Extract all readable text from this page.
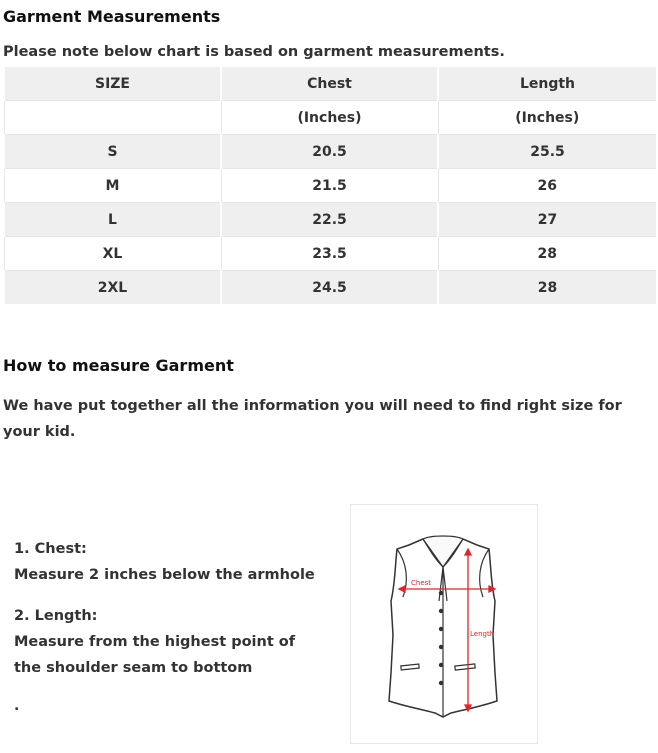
Garment Measurements

Please note below chart is based on garment measurements.

SIZE	Chest	Length
	(Inches)	(Inches)
S	20.5	25.5
M	21.5	26
L	22.5	27
XL	23.5	28
2XL	24.5	28
How to measure Garment

We have put together all the information you will need to find right size for your kid.

1. Chest:

Measure 2 inches below the armhole

2. Length:

Measure from the highest point of

the shoulder seam to bottom

.
Chest
Length
